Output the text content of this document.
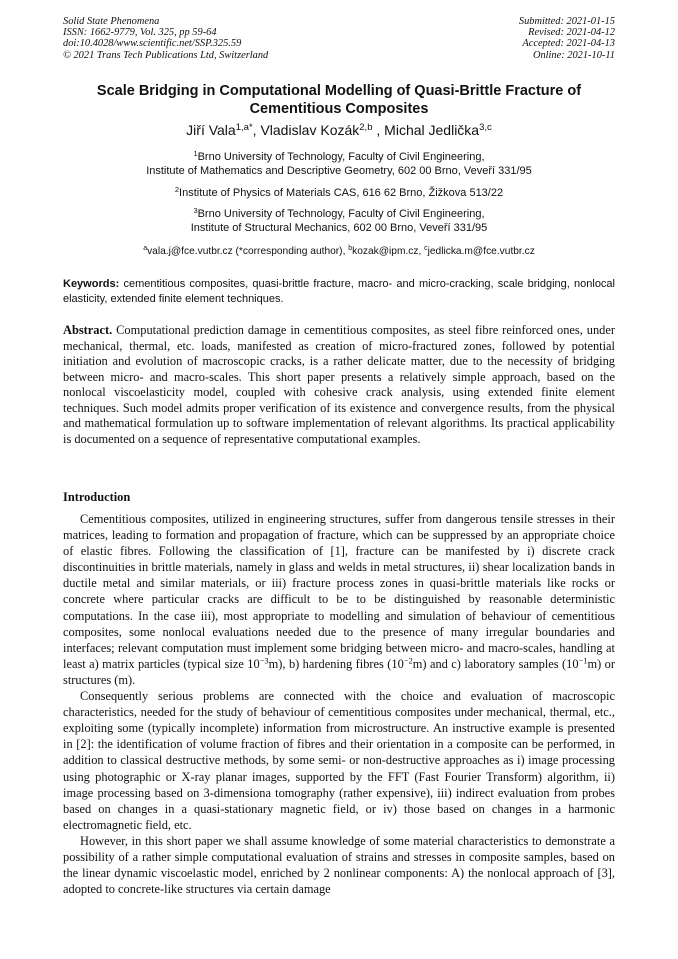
Solid State Phenomena
ISSN: 1662-9779, Vol. 325, pp 59-64
doi:10.4028/www.scientific.net/SSP.325.59
© 2021 Trans Tech Publications Ltd, Switzerland
Submitted: 2021-01-15
Revised: 2021-04-12
Accepted: 2021-04-13
Online: 2021-10-11
Scale Bridging in Computational Modelling of Quasi-Brittle Fracture of Cementitious Composites
Jiří Vala$^{1,a*}$, Vladislav Kozák$^{2,b}$ , Michal Jedlička$^{3,c}$
$^1$Brno University of Technology, Faculty of Civil Engineering,
Institute of Mathematics and Descriptive Geometry, 602 00 Brno, Veveří 331/95
$^2$Institute of Physics of Materials CAS, 616 62 Brno, Žižkova 513/22
$^3$Brno University of Technology, Faculty of Civil Engineering,
Institute of Structural Mechanics, 602 00 Brno, Veveří 331/95
$^a$vala.j@fce.vutbr.cz (*corresponding author), $^b$kozak@ipm.cz, $^c$jedlicka.m@fce.vutbr.cz
Keywords: cementitious composites, quasi-brittle fracture, macro- and micro-cracking, scale bridging, nonlocal elasticity, extended finite element techniques.
Abstract. Computational prediction damage in cementitious composites, as steel fibre reinforced ones, under mechanical, thermal, etc. loads, manifested as creation of micro-fractured zones, followed by potential initiation and evolution of macroscopic cracks, is a rather delicate matter, due to the necessity of bridging between micro- and macro-scales. This short paper presents a relatively simple approach, based on the nonlocal viscoelasticity model, coupled with cohesive crack analysis, using extended finite element techniques. Such model admits proper verification of its existence and convergence results, from the physical and mathematical formulation up to software implementation of relevant algorithms. Its practical applicability is documented on a sequence of representative computational examples.
Introduction

Cementitious composites, utilized in engineering structures, suffer from dangerous tensile stresses in their matrices, leading to formation and propagation of fracture, which can be suppressed by an appropriate choice of elastic fibres. Following the classification of [1], fracture can be manifested by i) discrete crack discontinuities in brittle materials, namely in glass and welds in metal structures, ii) shear localization bands in ductile metal and similar materials, or iii) fracture process zones in quasi-brittle materials like rocks or concrete where particular cracks are difficult to be to be distinguished by reasonable deterministic computations. In the case iii), most appropriate to modelling and simulation of behaviour of cementitious composites, some nonlocal evaluations needed due to the presence of many irregular boundaries and interfaces; relevant computation must implement some bridging between micro- and macro-scales, handling at least a) matrix particles (typical size $10^{-3}m$), b) hardening fibres $(10^{-2}m)$ and c) laboratory samples $(10^{-1}m)$ or structures (m).

Consequently serious problems are connected with the choice and evaluation of macroscopic characteristics, needed for the study of behaviour of cementitious composites under mechanical, thermal, etc., exploiting some (typically incomplete) information from microstructure. An instructive example is presented in [2]: the identification of volume fraction of fibres and their orientation in a composite can be performed, in addition to classical destructive methods, by some semi- or non-destructive approaches as i) image processing using photographic or X-ray planar images, supported by the FFT (Fast Fourier Transform) algorithm, ii) image processing based on 3-dimensiona tomography (rather expensive), iii) indirect evaluation from probes based on changes in a quasi-stationary magnetic field, or iv) those based on changes in a harmonic electromagnetic field, etc.

However, in this short paper we shall assume knowledge of some material characteristics to demonstrate a possibility of a rather simple computational evaluation of strains and stresses in composite samples, based on the linear dynamic viscoelastic model, enriched by 2 nonlinear components: A) the nonlocal approach of [3], adopted to concrete-like structures via certain damage
